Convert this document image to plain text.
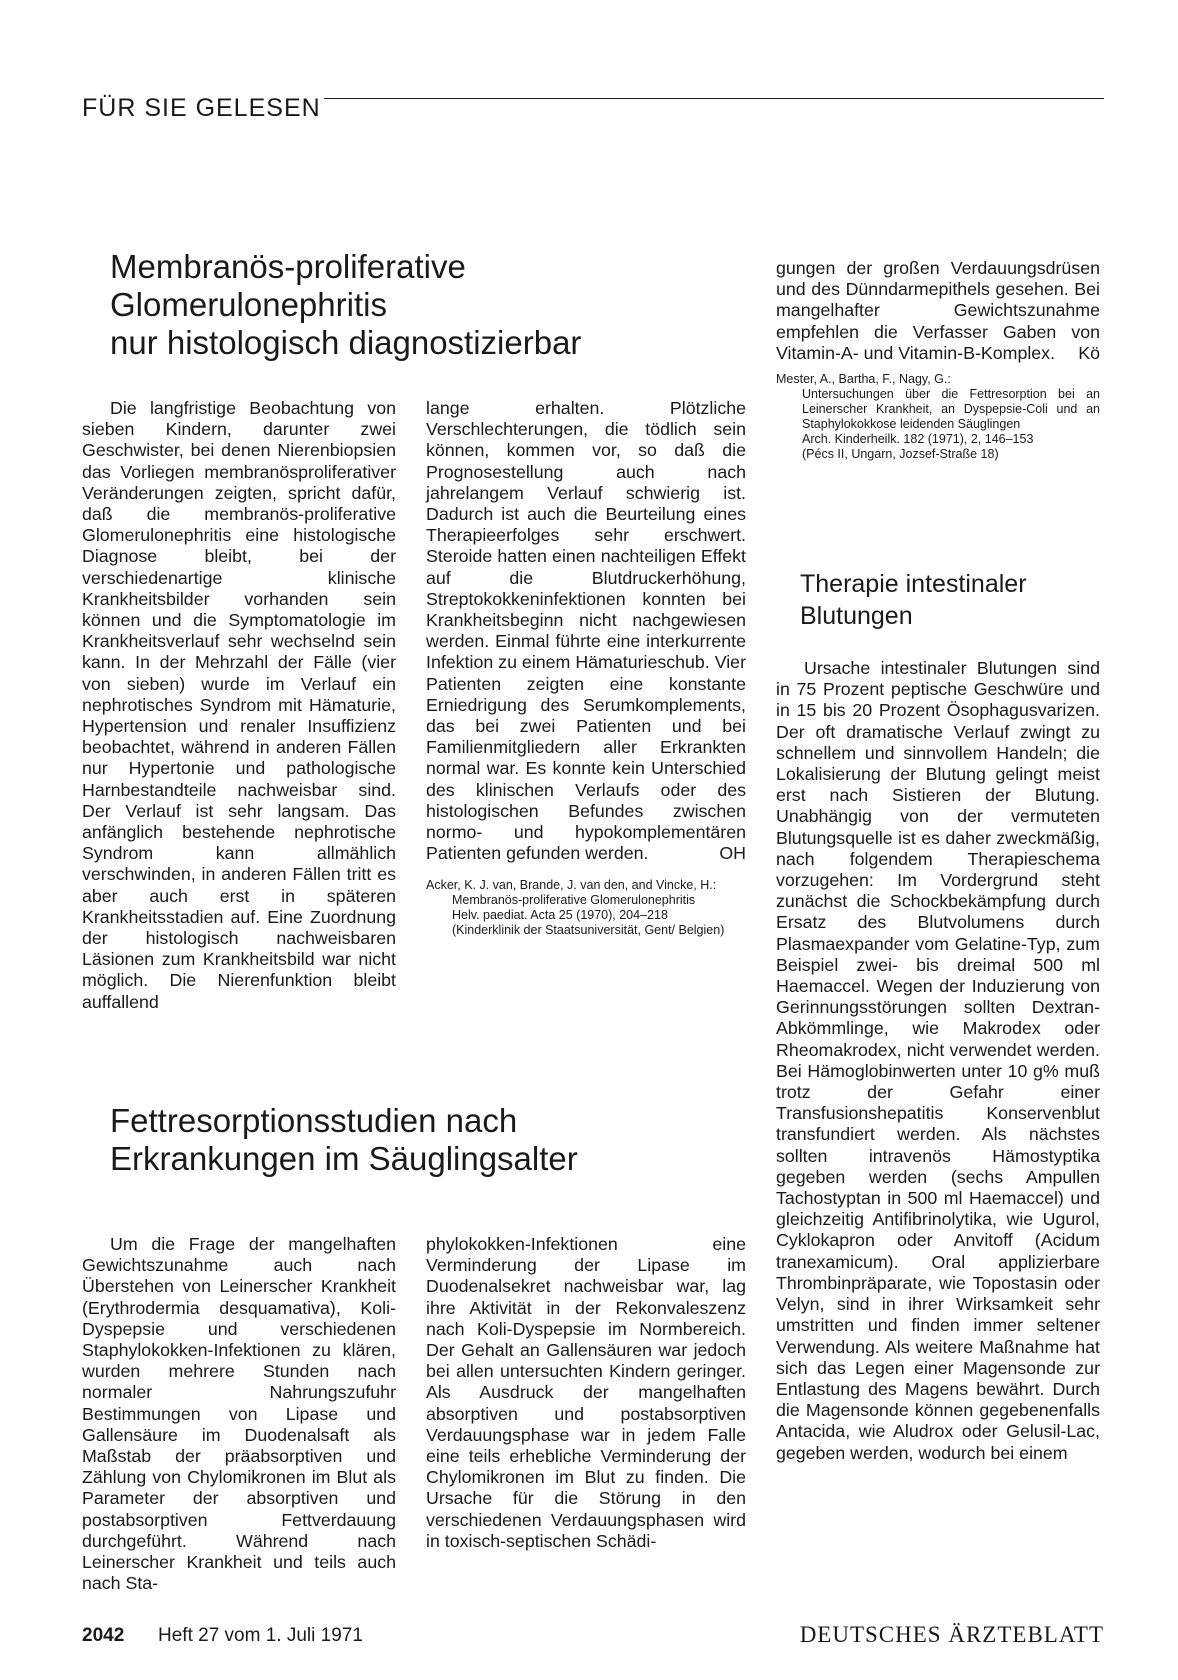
FÜR SIE GELESEN
Membranös-proliferative
Glomerulonephritis
nur histologisch diagnostizierbar

Die langfristige Beobachtung von sieben Kindern, darunter zwei Geschwister, bei denen Nierenbiopsien das Vorliegen membranösproliferativer Veränderungen zeigten, spricht dafür, daß die membranös-proliferative Glomerulonephritis eine histologische Diagnose bleibt, bei der verschiedenartige klinische Krankheitsbilder vorhanden sein können und die Symptomatologie im Krankheitsverlauf sehr wechselnd sein kann. In der Mehrzahl der Fälle (vier von sieben) wurde im Verlauf ein nephrotisches Syndrom mit Hämaturie, Hypertension und renaler Insuffizienz beobachtet, während in anderen Fällen nur Hypertonie und pathologische Harnbestandteile nachweisbar sind. Der Verlauf ist sehr langsam. Das anfänglich bestehende nephrotische Syndrom kann allmählich verschwinden, in anderen Fällen tritt es aber auch erst in späteren Krankheitsstadien auf. Eine Zuordnung der histologisch nachweisbaren Läsionen zum Krankheitsbild war nicht möglich. Die Nierenfunktion bleibt auffallend

lange erhalten. Plötzliche Verschlechterungen, die tödlich sein können, kommen vor, so daß die Prognosestellung auch nach jahrelangem Verlauf schwierig ist. Dadurch ist auch die Beurteilung eines Therapieerfolges sehr erschwert. Steroide hatten einen nachteiligen Effekt auf die Blutdruckerhöhung, Streptokokkeninfektionen konnten bei Krankheitsbeginn nicht nachgewiesen werden. Einmal führte eine interkurrente Infektion zu einem Hämaturieschub. Vier Patienten zeigten eine konstante Erniedrigung des Serumkomplements, das bei zwei Patienten und bei Familienmitgliedern aller Erkrankten normal war. Es konnte kein Unterschied des klinischen Verlaufs oder des histologischen Befundes zwischen normo- und hypokomplementären Patienten gefunden werden.	OH

Acker, K. J. van, Brande, J. van den, and Vincke, H.:

Membranös-proliferative Glomerulonephritis

Helv. paediat. Acta 25 (1970), 204–218

(Kinderklinik der Staatsuniversität, Gent/ Belgien)

gungen der großen Verdauungsdrüsen und des Dünndarmepithels gesehen. Bei mangelhafter Gewichtszunahme empfehlen die Verfasser Gaben von Vitamin-A- und Vitamin-B-Komplex. Kö

Mester, A., Bartha, F., Nagy, G.:

Untersuchungen über die Fettresorption bei an Leinerscher Krankheit, an Dyspepsie-Coli und an Staphylokokkose leidenden Säuglingen

Arch. Kinderheilk. 182 (1971), 2, 146–153

(Pécs II, Ungarn, Jozsef-Straße 18)

Therapie intestinaler
Blutungen

Ursache intestinaler Blutungen sind in 75 Prozent peptische Geschwüre und in 15 bis 20 Prozent Ösophagusvarizen. Der oft dramatische Verlauf zwingt zu schnellem und sinnvollem Handeln; die Lokalisierung der Blutung gelingt meist erst nach Sistieren der Blutung. Unabhängig von der vermuteten Blutungsquelle ist es daher zweckmäßig, nach folgendem Therapieschema vorzugehen: Im Vordergrund steht zunächst die Schockbekämpfung durch Ersatz des Blutvolumens durch Plasmaexpander vom Gelatine-Typ, zum Beispiel zwei- bis dreimal 500 ml Haemaccel. Wegen der Induzierung von Gerinnungsstörungen sollten Dextran-Abkömmlinge, wie Makrodex oder Rheomakrodex, nicht verwendet werden. Bei Hämoglobinwerten unter 10 g% muß trotz der Gefahr einer Transfusionshepatitis Konservenblut transfundiert werden. Als nächstes sollten intravenös Hämostyptika gegeben werden (sechs Ampullen Tachostyptan in 500 ml Haemaccel) und gleichzeitig Antifibrinolytika, wie Ugurol, Cyklokapron oder Anvitoff (Acidum tranexamicum). Oral applizierbare Thrombinpräparate, wie Topostasin oder Velyn, sind in ihrer Wirksamkeit sehr umstritten und finden immer seltener Verwendung. Als weitere Maßnahme hat sich das Legen einer Magensonde zur Entlastung des Magens bewährt. Durch die Magensonde können gegebenenfalls Antacida, wie Aludrox oder Gelusil-Lac, gegeben werden, wodurch bei einem

Fettresorptionsstudien nach
Erkrankungen im Säuglingsalter

Um die Frage der mangelhaften Gewichtszunahme auch nach Überstehen von Leinerscher Krankheit (Erythrodermia desquamativa), Koli-Dyspepsie und verschiedenen Staphylokokken-Infektionen zu klären, wurden mehrere Stunden nach normaler Nahrungszufuhr Bestimmungen von Lipase und Gallensäure im Duodenalsaft als Maßstab der präabsorptiven und Zählung von Chylomikronen im Blut als Parameter der absorptiven und postabsorptiven Fettverdauung durchgeführt. Während nach Leinerscher Krankheit und teils auch nach Sta-

phylokokken-Infektionen eine Verminderung der Lipase im Duodenalsekret nachweisbar war, lag ihre Aktivität in der Rekonvaleszenz nach Koli-Dyspepsie im Normbereich. Der Gehalt an Gallensäuren war jedoch bei allen untersuchten Kindern geringer. Als Ausdruck der mangelhaften absorptiven und postabsorptiven Verdauungsphase war in jedem Falle eine teils erhebliche Verminderung der Chylomikronen im Blut zu finden. Die Ursache für die Störung in den verschiedenen Verdauungsphasen wird in toxisch-septischen Schädi-

2042 Heft 27 vom 1. Juli 1971	DEUTSCHES ÄRZTEBLATT
